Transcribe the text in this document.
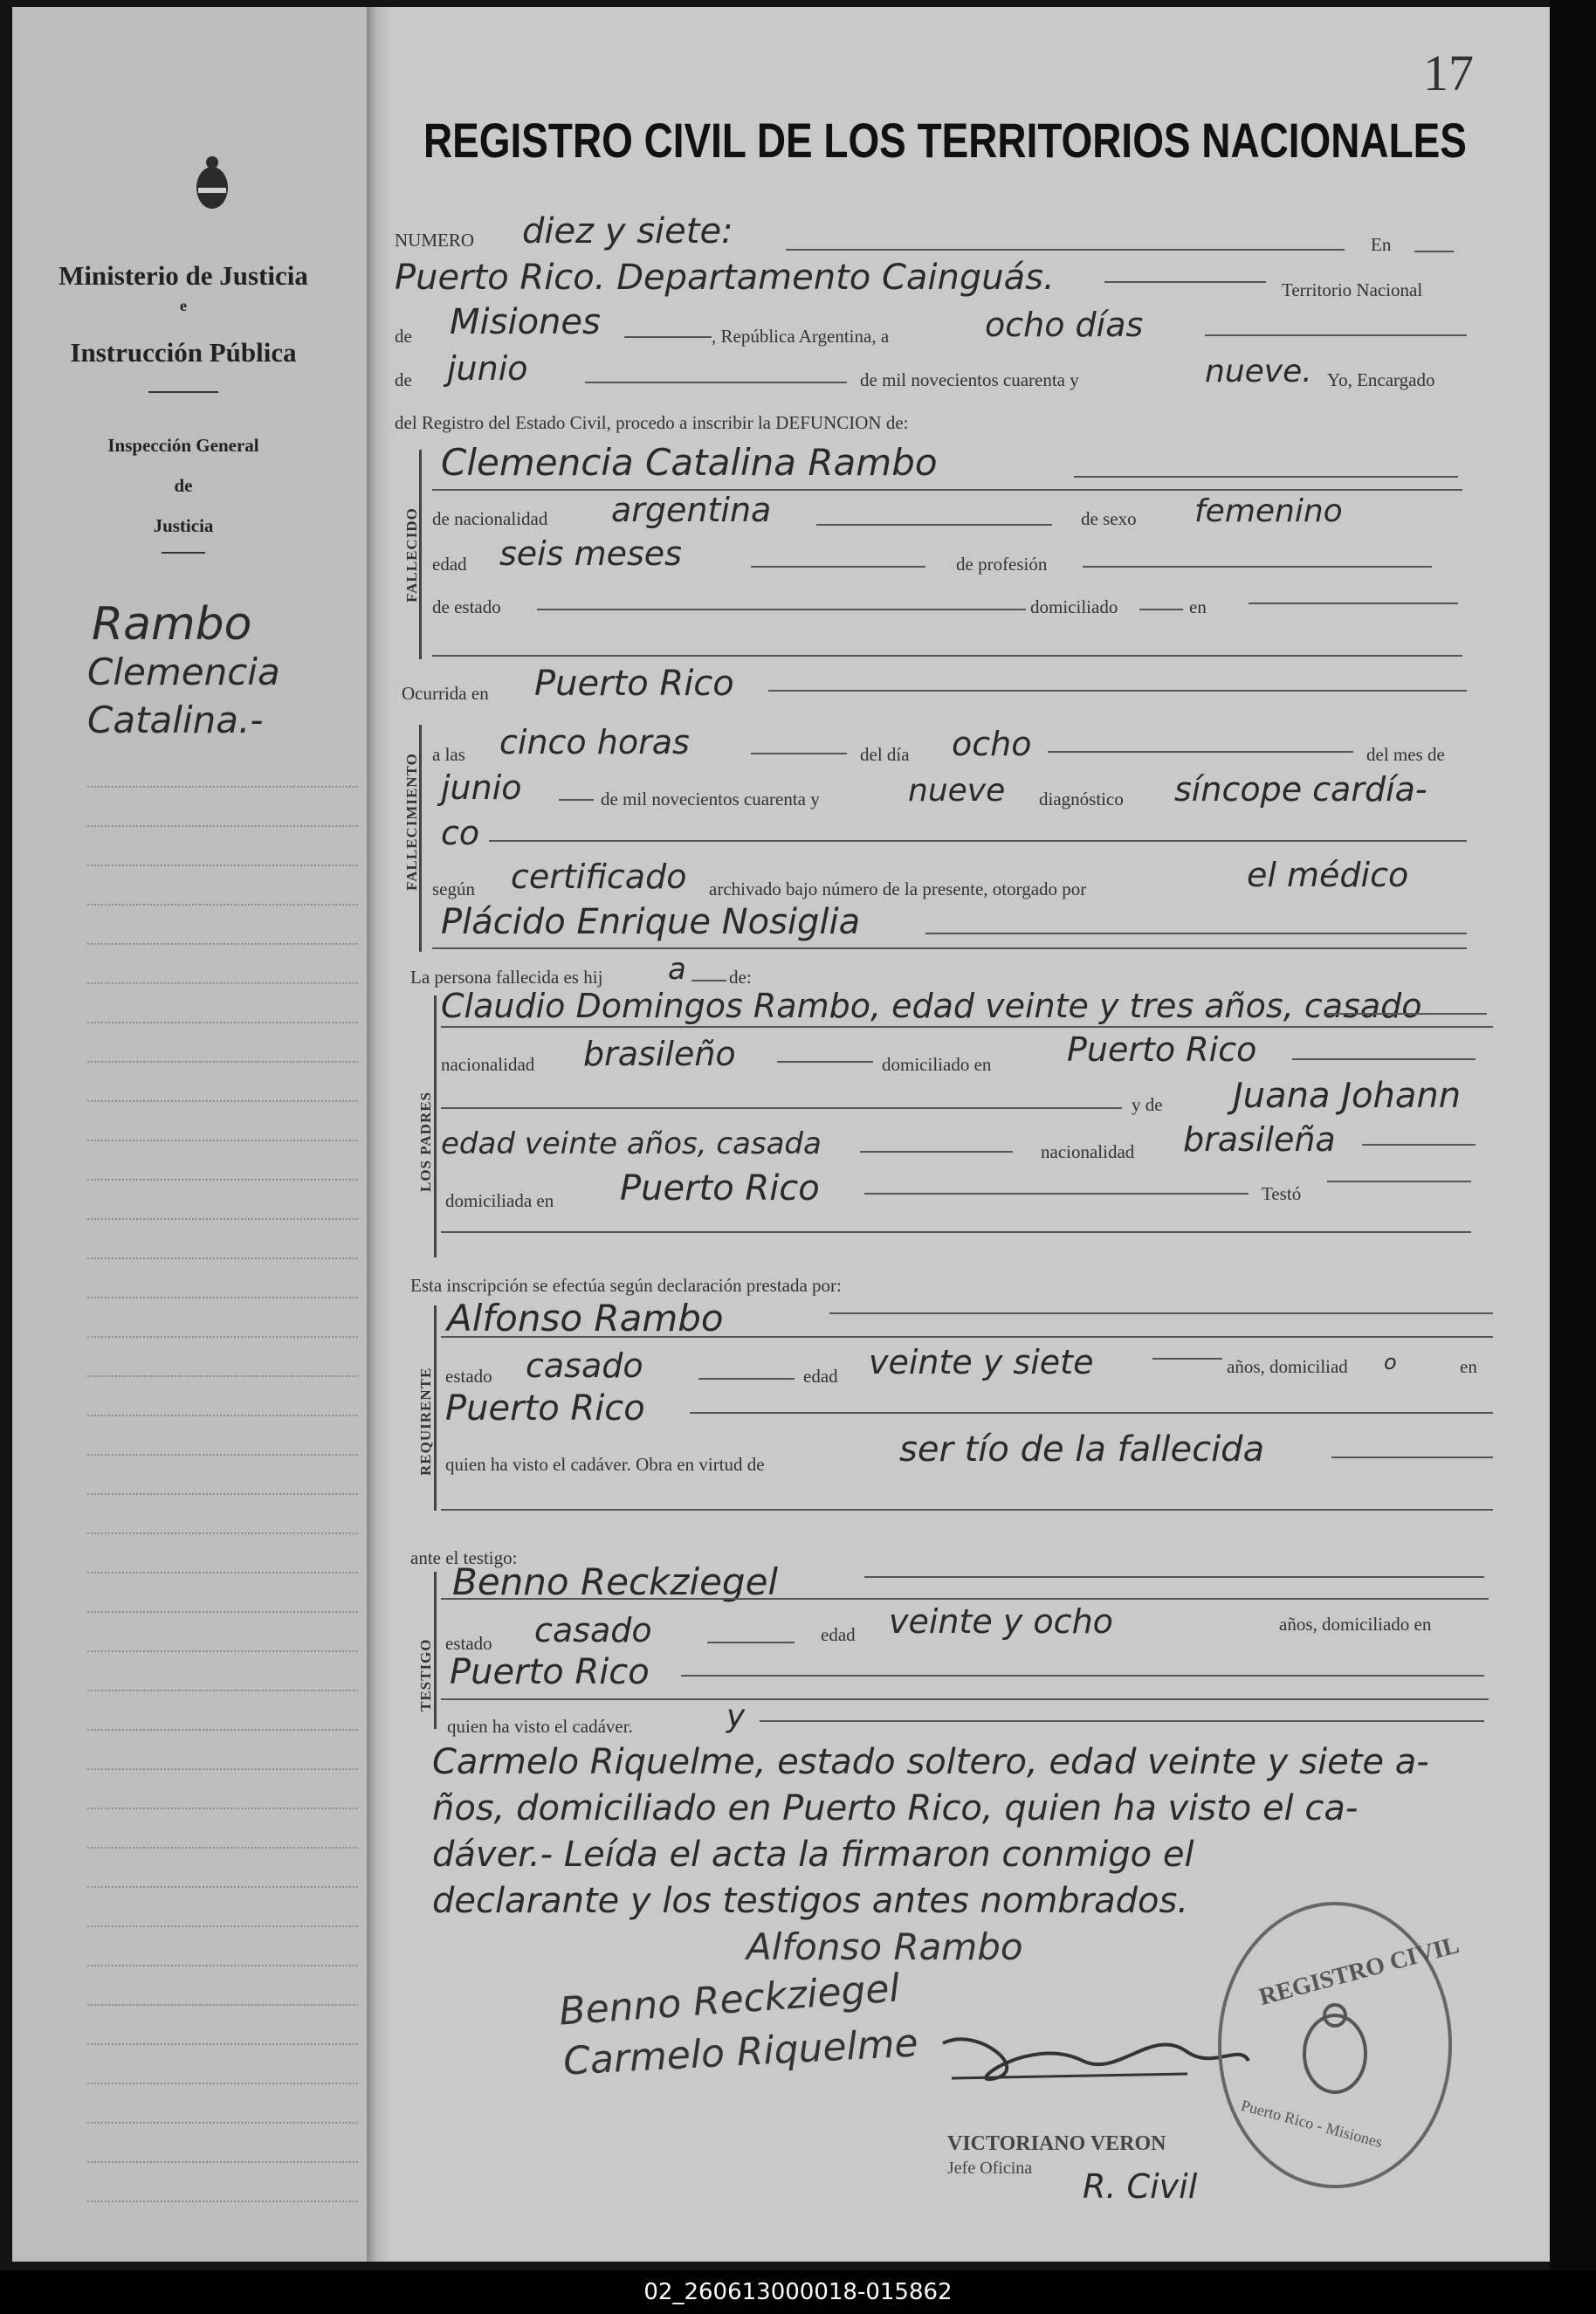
Ministerio de Justicia
e
Instrucción Pública
Inspección General
de
Justicia
Rambo
Clemencia
Catalina.-
17
REGISTRO CIVIL DE LOS TERRITORIOS NACIONALES
NUMERO diez y siete:	En
Puerto Rico. Departamento Cainguás.	Territorio Nacional
de Misiones	, República Argentina, a	ocho días
de junio	de mil novecientos cuarenta y	nueve. Yo, Encargado
del Registro del Estado Civil, procedo a inscribir la DEFUNCION de:
FALLECIDO
Clemencia Catalina Rambo
de nacionalidad argentina	de sexo femenino
edad seis meses	de profesión
de estado	domiciliado	en
Ocurrida en Puerto Rico
FALLECIMIENTO a las cinco horas	del día ocho	del mes de
junio	de mil novecientos cuarenta y	nueve diagnóstico síncope cardía-
co
según certificado archivado bajo número de la presente, otorgado por	el médico
Plácido Enrique Nosiglia
La persona fallecida es hij a de:
LOS PADRES
Claudio Domingos Rambo, edad veinte y tres años, casado
nacionalidad brasileño	domiciliado en Puerto Rico
y de Juana Johann
edad veinte años, casada	nacionalidad brasileña
domiciliada en Puerto Rico	Testó
Esta inscripción se efectúa según declaración prestada por:
REQUIRENTE
Alfonso Rambo
estado casado	edad veinte y siete	años, domiciliad o	en
Puerto Rico
quien ha visto el cadáver. Obra en virtud de	ser tío de la fallecida
ante el testigo:
TESTIGO
Benno Reckziegel
estado casado	edad veinte y ocho	años, domiciliado en
Puerto Rico
quien ha visto el cadáver.	y
Carmelo Riquelme, estado soltero, edad veinte y siete a-
ños, domiciliado en Puerto Rico, quien ha visto el ca-
dáver.- Leída el acta la firmaron conmigo el
declarante y los testigos antes nombrados.
Alfonso Rambo
Benno Reckziegel
Carmelo Riquelme
VICTORIANO VERON
Jefe Oficina R. Civil
REGISTRO CIVIL
Puerto Rico - Misiones
02_260613000018-015862
